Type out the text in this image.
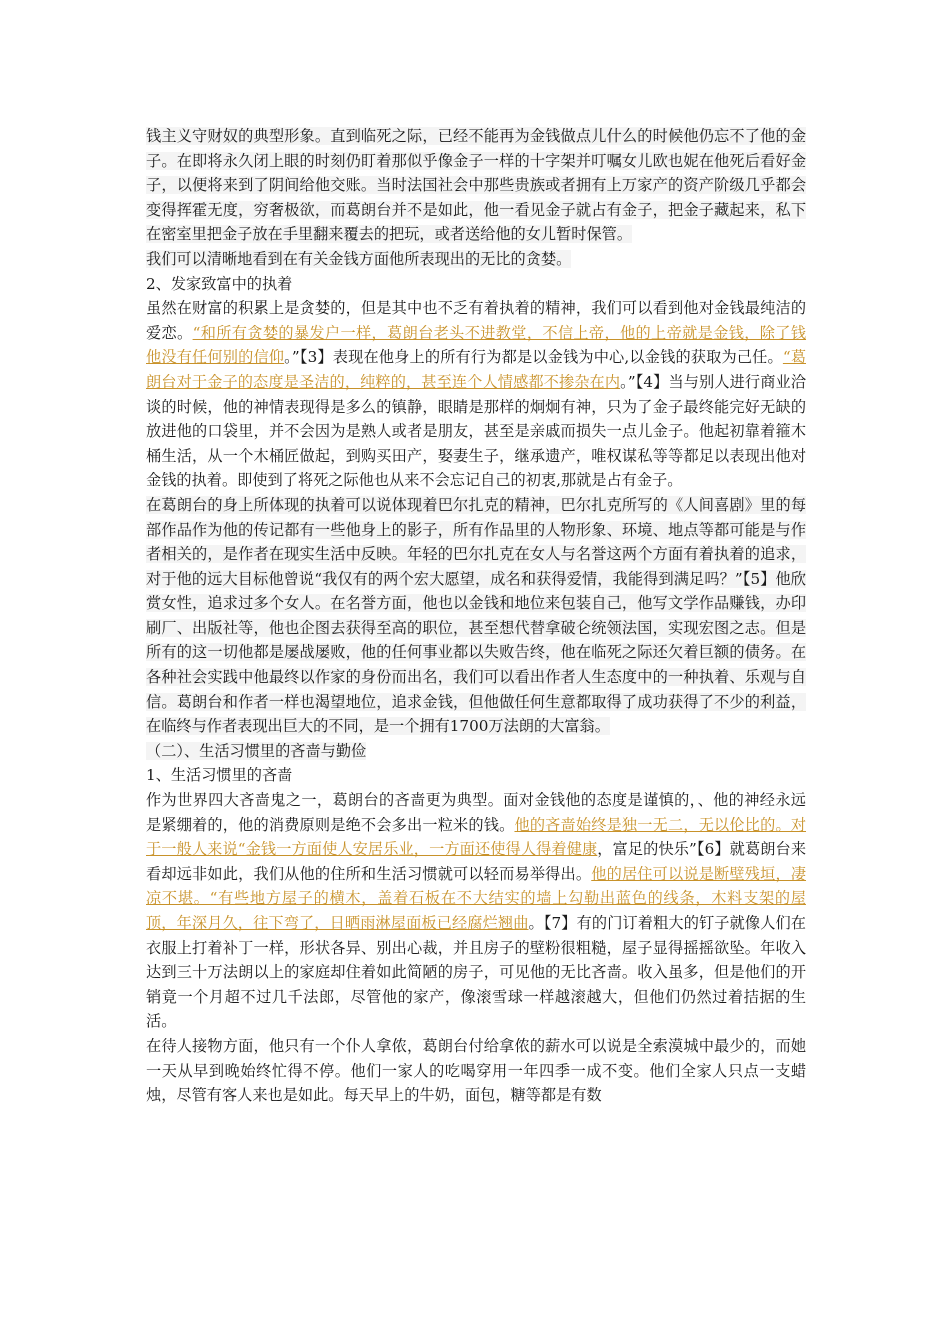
钱主义守财奴的典型形象。直到临死之际，已经不能再为金钱做点儿什么的时候他仍忘不了他的金子。在即将永久闭上眼的时刻仍盯着那似乎像金子一样的十字架并叮嘱女儿欧也妮在他死后看好金子，以便将来到了阴间给他交账。当时法国社会中那些贵族或者拥有上万家产的资产阶级几乎都会变得挥霍无度，穷奢极欲，而葛朗台并不是如此，他一看见金子就占有金子，把金子藏起来，私下在密室里把金子放在手里翻来覆去的把玩，或者送给他的女儿暂时保管。

我们可以清晰地看到在有关金钱方面他所表现出的无比的贪婪。

2、发家致富中的执着

虽然在财富的积累上是贪婪的，但是其中也不乏有着执着的精神，我们可以看到他对金钱最纯洁的爱恋。“和所有贪婪的暴发户一样，葛朗台老头不进教堂，不信上帝，他的上帝就是金钱，除了钱他没有任何别的信仰。”【3】表现在他身上的所有行为都是以金钱为中心,以金钱的获取为己任。“葛朗台对于金子的态度是圣洁的，纯粹的，甚至连个人情感都不掺杂在内。”【4】当与别人进行商业洽谈的时候，他的神情表现得是多么的镇静，眼睛是那样的炯炯有神，只为了金子最终能完好无缺的放进他的口袋里，并不会因为是熟人或者是朋友，甚至是亲戚而损失一点儿金子。他起初靠着箍木桶生活，从一个木桶匠做起，到购买田产，娶妻生子，继承遗产，唯权谋私等等都足以表现出他对金钱的执着。即使到了将死之际他也从来不会忘记自己的初衷,那就是占有金子。

在葛朗台的身上所体现的执着可以说体现着巴尔扎克的精神，巴尔扎克所写的《人间喜剧》里的每部作品作为他的传记都有一些他身上的影子，所有作品里的人物形象、环境、地点等都可能是与作者相关的，是作者在现实生活中反映。年轻的巴尔扎克在女人与名誉这两个方面有着执着的追求，对于他的远大目标他曾说“我仅有的两个宏大愿望，成名和获得爱情，我能得到满足吗？”【5】他欣赏女性，追求过多个女人。在名誉方面，他也以金钱和地位来包装自己，他写文学作品赚钱，办印刷厂、出版社等，他也企图去获得至高的职位，甚至想代替拿破仑统领法国，实现宏图之志。但是所有的这一切他都是屡战屡败，他的任何事业都以失败告终，他在临死之际还欠着巨额的债务。在各种社会实践中他最终以作家的身份而出名，我们可以看出作者人生态度中的一种执着、乐观与自信。葛朗台和作者一样也渴望地位，追求金钱，但他做任何生意都取得了成功获得了不少的利益，在临终与作者表现出巨大的不同，是一个拥有1700万法朗的大富翁。

（二）、生活习惯里的吝啬与勤俭

1、生活习惯里的吝啬

作为世界四大吝啬鬼之一，葛朗台的吝啬更为典型。面对金钱他的态度是谨慎的，、他的神经永远是紧绷着的，他的消费原则是绝不会多出一粒米的钱。他的吝啬始终是独一无二，无以伦比的。对于一般人来说“金钱一方面使人安居乐业，一方面还使得人得着健康，富足的快乐”【6】就葛朗台来看却远非如此，我们从他的住所和生活习惯就可以轻而易举得出。他的居住可以说是断壁残垣，凄凉不堪。“有些地方屋子的横木，盖着石板在不大结实的墙上勾勒出蓝色的线条，木料支架的屋顶，年深月久，往下弯了，日晒雨淋屋面板已经腐烂翘曲。【7】有的门订着粗大的钉子就像人们在衣服上打着补丁一样，形状各异、别出心裁，并且房子的壁粉很粗糙，屋子显得摇摇欲坠。年收入达到三十万法朗以上的家庭却住着如此简陋的房子，可见他的无比吝啬。收入虽多，但是他们的开销竟一个月超不过几千法郎，尽管他的家产，像滚雪球一样越滚越大，但他们仍然过着拮据的生活。

在待人接物方面，他只有一个仆人拿侬，葛朗台付给拿侬的薪水可以说是全索漠城中最少的，而她一天从早到晚始终忙得不停。他们一家人的吃喝穿用一年四季一成不变。他们全家人只点一支蜡烛，尽管有客人来也是如此。每天早上的牛奶，面包，糖等都是有数
